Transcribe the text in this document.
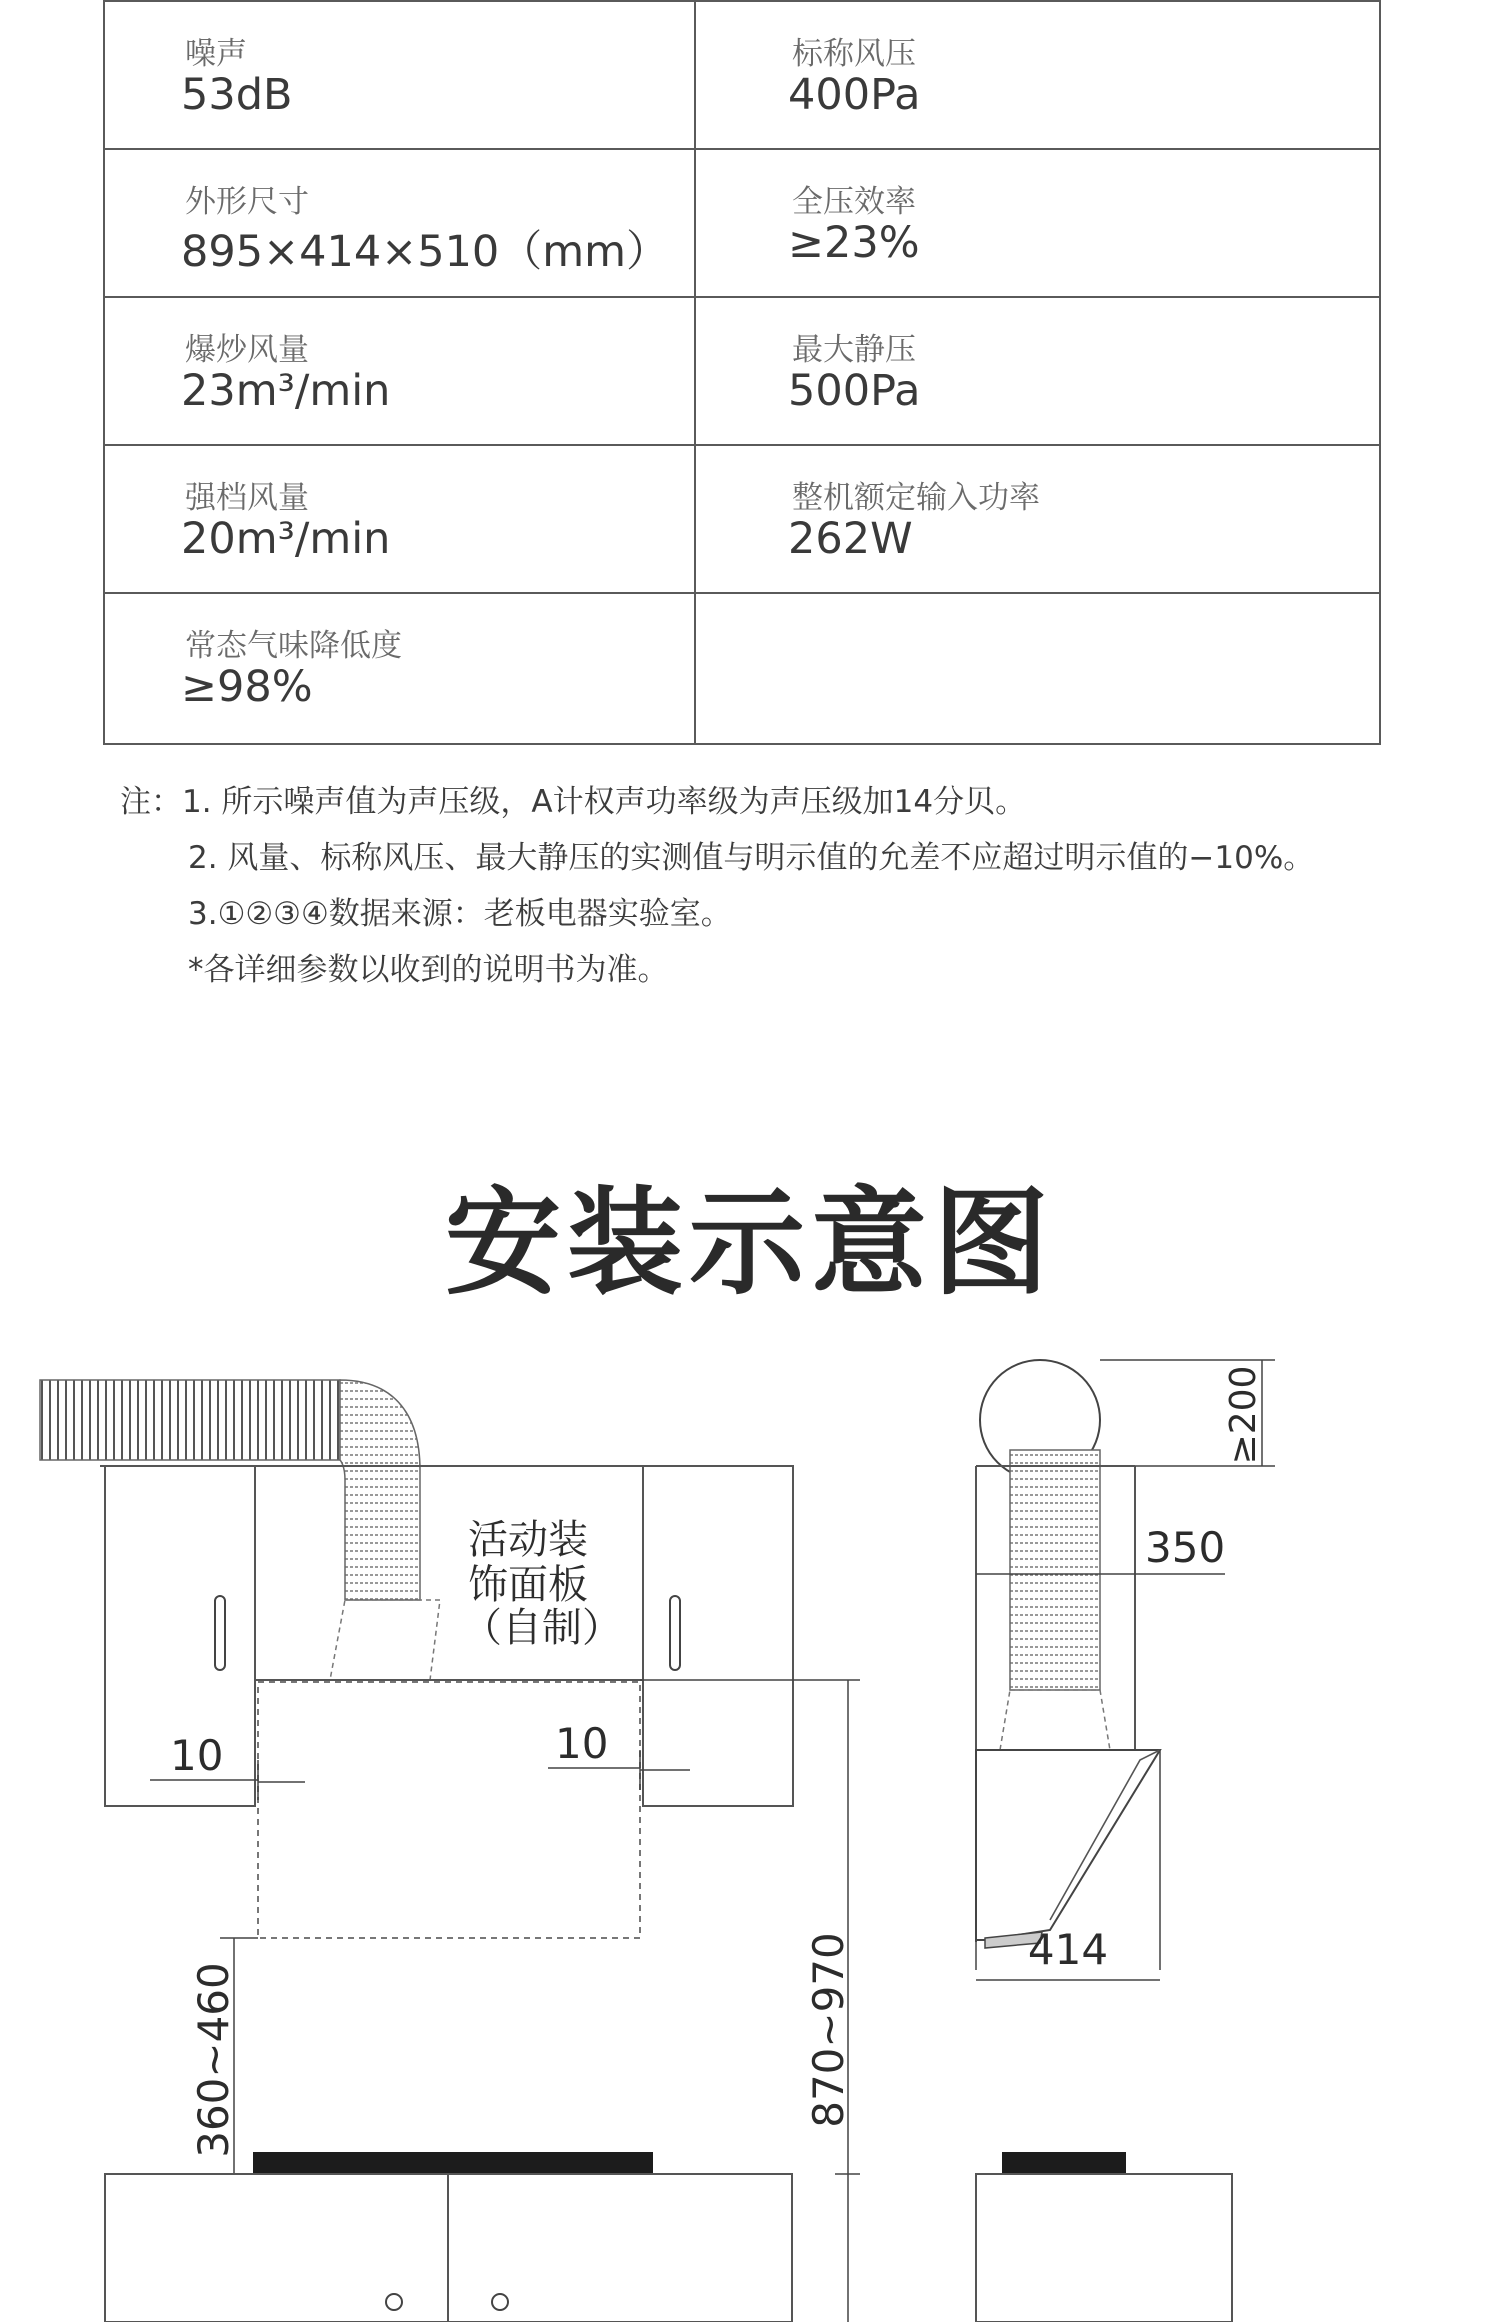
噪声
53dB
标称风压
400Pa
外形尺寸
895×414×510（mm）
全压效率
≥23%
爆炒风量
23m³/min
最大静压
500Pa
强档风量
20m³/min
整机额定输入功率
262W
常态气味降低度
≥98%
注：1. 所示噪声值为声压级，A计权声功率级为声压级加14分贝。
2. 风量、标称风压、最大静压的实测值与明示值的允差不应超过明示值的−10%。
3.①②③④数据来源：老板电器实验室。
*各详细参数以收到的说明书为准。
安装示意图
活动装
饰面板
（自制）
10	10
870~970
360~460
≥200
350
414
